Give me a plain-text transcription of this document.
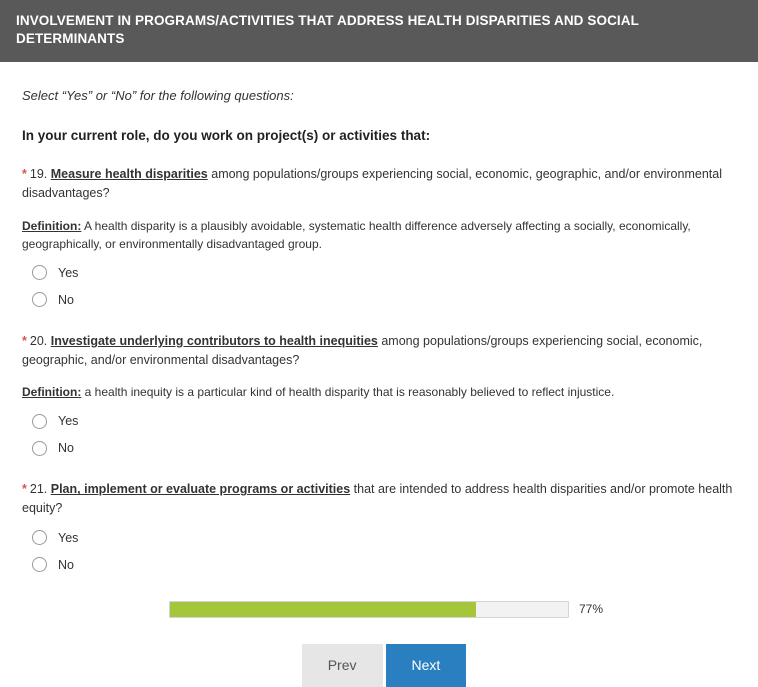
INVOLVEMENT IN PROGRAMS/ACTIVITIES THAT ADDRESS HEALTH DISPARITIES AND SOCIAL DETERMINANTS
Select “Yes” or “No” for the following questions:
In your current role, do you work on project(s) or activities that:
* 19. Measure health disparities among populations/groups experiencing social, economic, geographic, and/or environmental disadvantages?
Definition: A health disparity is a plausibly avoidable, systematic health difference adversely affecting a socially, economically, geographically, or environmentally disadvantaged group.
Yes
No
* 20. Investigate underlying contributors to health inequities among populations/groups experiencing social, economic, geographic, and/or environmental disadvantages?
Definition: a health inequity is a particular kind of health disparity that is reasonably believed to reflect injustice.
Yes
No
* 21. Plan, implement or evaluate programs or activities that are intended to address health disparities and/or promote health equity?
Yes
No
77%
Prev	Next
